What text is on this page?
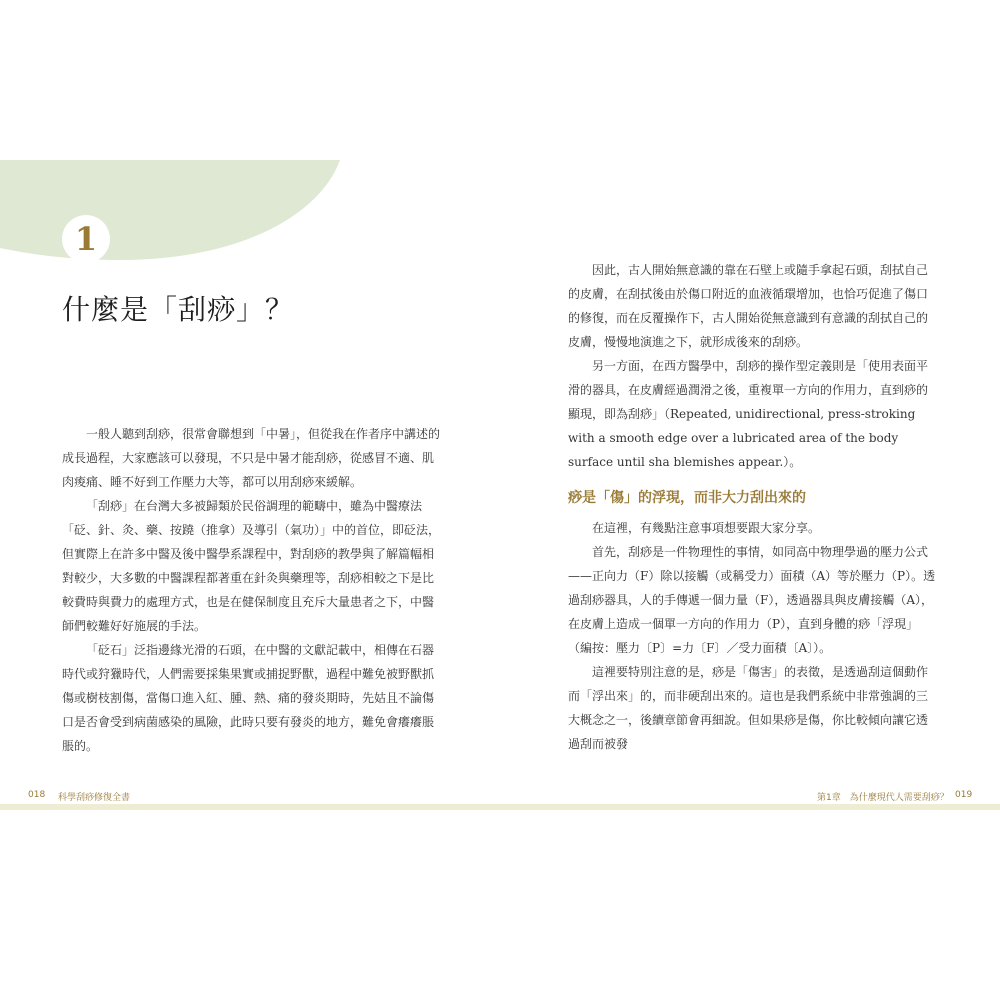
1
什麼是「刮痧」？

一般人聽到刮痧，很常會聯想到「中暑」，但從我在作者序中講述的成長過程，大家應該可以發現，不只是中暑才能刮痧，從感冒不適、肌肉痠痛、睡不好到工作壓力大等，都可以用刮痧來緩解。

「刮痧」在台灣大多被歸類於民俗調理的範疇中，雖為中醫療法「砭、針、灸、藥、按蹺（推拿）及導引（氣功）」中的首位，即砭法，但實際上在許多中醫及後中醫學系課程中，對刮痧的教學與了解篇幅相對較少，大多數的中醫課程都著重在針灸與藥理等，刮痧相較之下是比較費時與費力的處理方式，也是在健保制度且充斥大量患者之下，中醫師們較難好好施展的手法。

「砭石」泛指邊緣光滑的石頭，在中醫的文獻記載中，相傳在石器時代或狩獵時代，人們需要採集果實或捕捉野獸，過程中難免被野獸抓傷或樹枝割傷，當傷口進入紅、腫、熱、痛的發炎期時，先姑且不論傷口是否會受到病菌感染的風險，此時只要有發炎的地方，難免會癢癢脹脹的。

因此，古人開始無意識的靠在石壁上或隨手拿起石頭，刮拭自己的皮膚，在刮拭後由於傷口附近的血液循環增加，也恰巧促進了傷口的修復，而在反覆操作下，古人開始從無意識到有意識的刮拭自己的皮膚，慢慢地演進之下，就形成後來的刮痧。

另一方面，在西方醫學中，刮痧的操作型定義則是「使用表面平滑的器具，在皮膚經過潤滑之後，重複單一方向的作用力，直到痧的顯現，即為刮痧」（Repeated, unidirectional, press-stroking with a smooth edge over a lubricated area of the body surface until sha blemishes appear.）。

痧是「傷」的浮現，而非大力刮出來的

在這裡，有幾點注意事項想要跟大家分享。

首先，刮痧是一件物理性的事情，如同高中物理學過的壓力公式——正向力（F）除以接觸（或稱受力）面積（A）等於壓力（P）。透過刮痧器具，人的手傳遞一個力量（F），透過器具與皮膚接觸（A），在皮膚上造成一個單一方向的作用力（P），直到身體的痧「浮現」（編按：壓力〔P〕=力〔F〕／受力面積〔A〕）。

這裡要特別注意的是，痧是「傷害」的表徵，是透過刮這個動作而「浮出來」的，而非硬刮出來的。這也是我們系統中非常強調的三大概念之一，後續章節會再細說。但如果痧是傷，你比較傾向讓它透過刮而被發

018 科學刮痧修復全書	第1章　為什麼現代人需要刮痧？ 019
